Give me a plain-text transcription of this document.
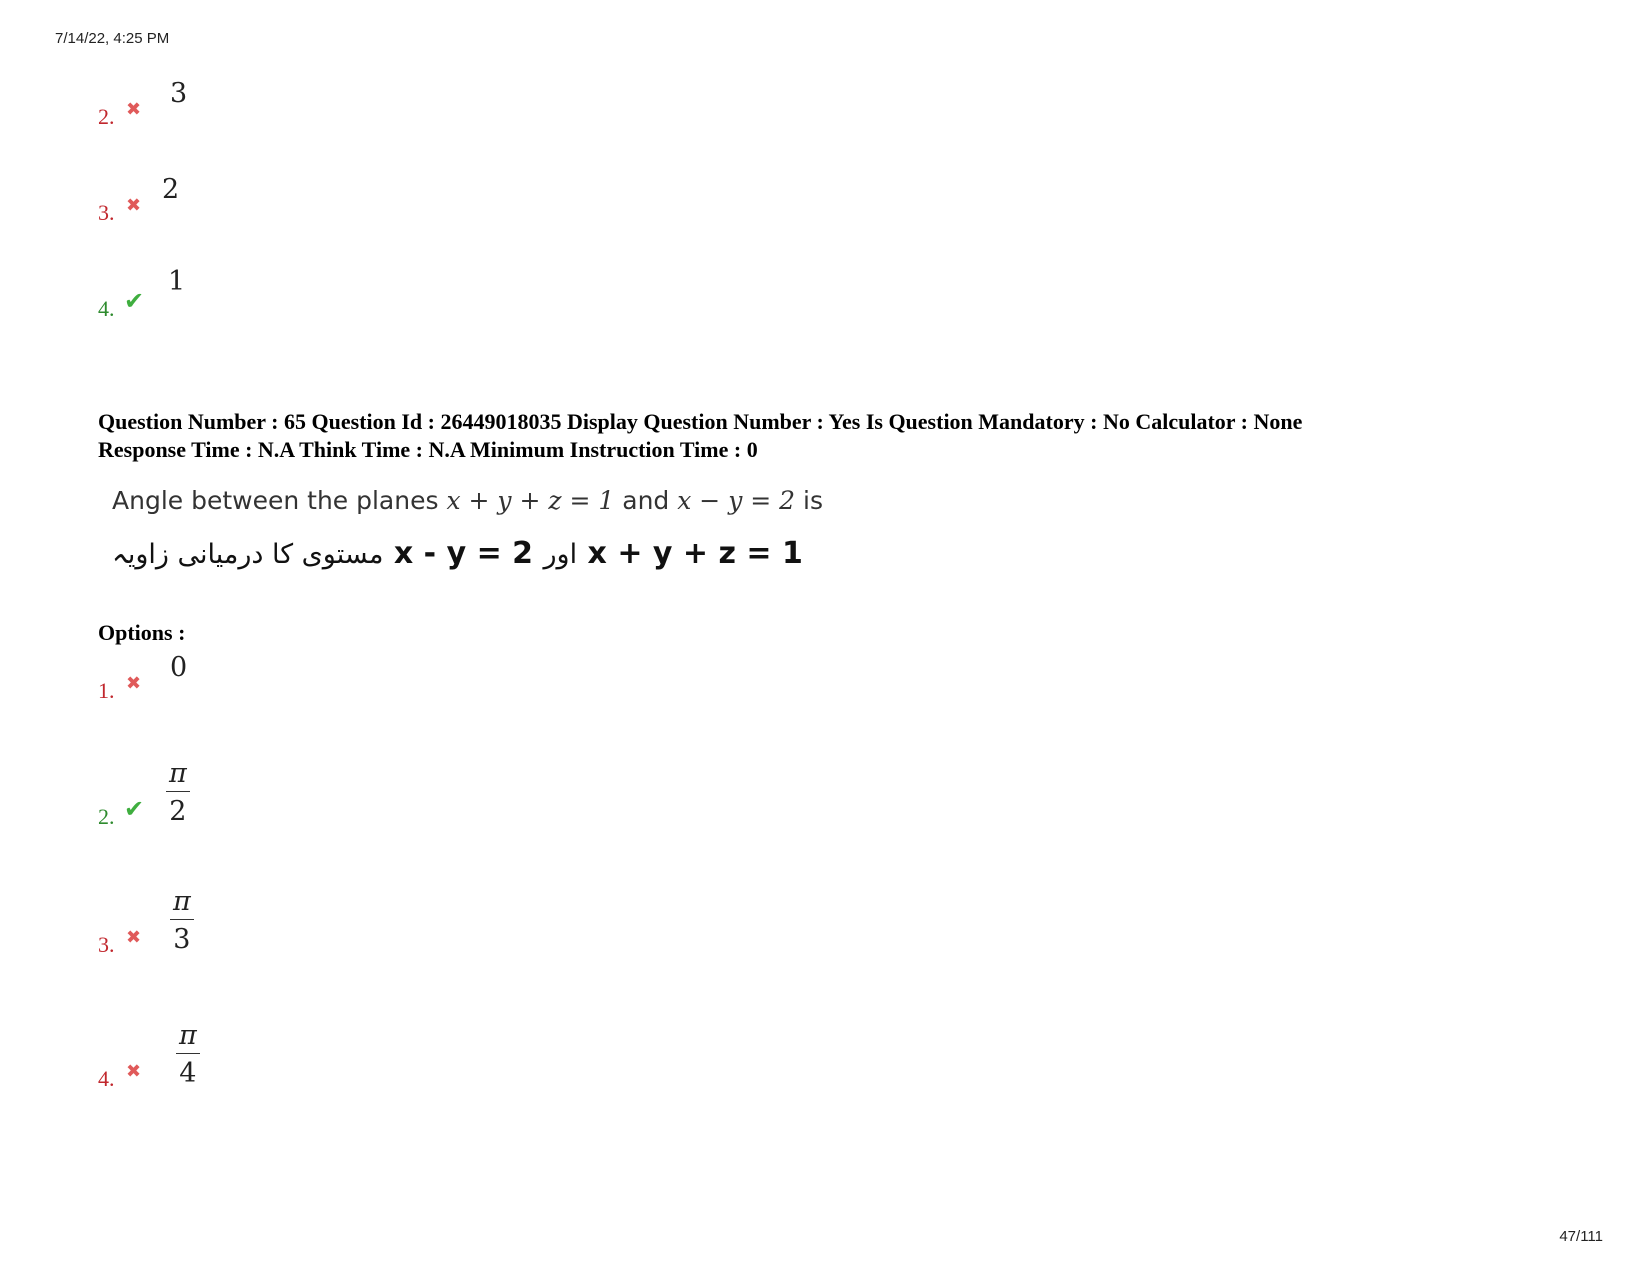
7/14/22, 4:25 PM
2. ✖ 3
3. ✖ 2
4. ✔
1
Question Number : 65 Question Id : 26449018035 Display Question Number : Yes Is Question Mandatory : No Calculator : None
Response Time : N.A Think Time : N.A Minimum Instruction Time : 0
Angle between the planes x + y + z = 1 and x − y = 2 is
مستوی کا درمیانی زاویہ x - y = 2 اور x + y + z = 1
Options :
1. ✖ 0
2. ✔ $\frac{\pi}{2}$
3. ✖ $\frac{\pi}{3}$
4. ✖ $\frac{\pi}{4}$
47/111
